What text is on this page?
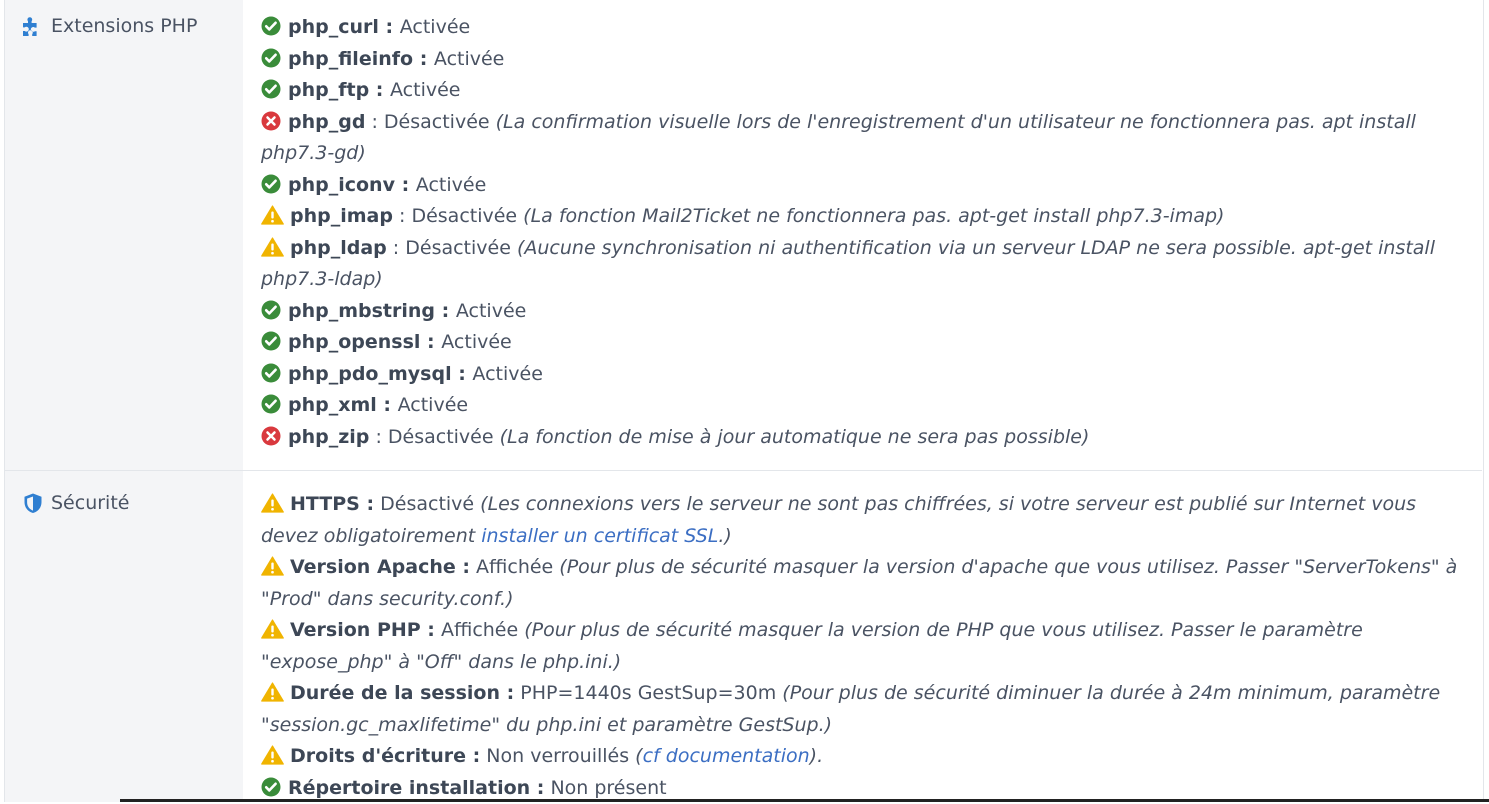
Extensions PHP	php_curl : Activée
php_fileinfo : Activée
php_ftp : Activée
php_gd : Désactivée (La confirmation visuelle lors de l'enregistrement d'un utilisateur ne fonctionnera pas. apt install php7.3-gd)
php_iconv : Activée
php_imap : Désactivée (La fonction Mail2Ticket ne fonctionnera pas. apt-get install php7.3-imap)
php_ldap : Désactivée (Aucune synchronisation ni authentification via un serveur LDAP ne sera possible. apt-get install php7.3-ldap)
php_mbstring : Activée
php_openssl : Activée
php_pdo_mysql : Activée
php_xml : Activée
php_zip : Désactivée (La fonction de mise à jour automatique ne sera pas possible)
Sécurité	HTTPS : Désactivé (Les connexions vers le serveur ne sont pas chiffrées, si votre serveur est publié sur Internet vous devez obligatoirement installer un certificat SSL.)
Version Apache : Affichée (Pour plus de sécurité masquer la version d'apache que vous utilisez. Passer "ServerTokens" à "Prod" dans security.conf.)
Version PHP : Affichée (Pour plus de sécurité masquer la version de PHP que vous utilisez. Passer le paramètre "expose_php" à "Off" dans le php.ini.)
Durée de la session : PHP=1440s GestSup=30m (Pour plus de sécurité diminuer la durée à 24m minimum, paramètre "session.gc_maxlifetime" du php.ini et paramètre GestSup.)
Droits d'écriture : Non verrouillés (cf documentation).
Répertoire installation : Non présent
